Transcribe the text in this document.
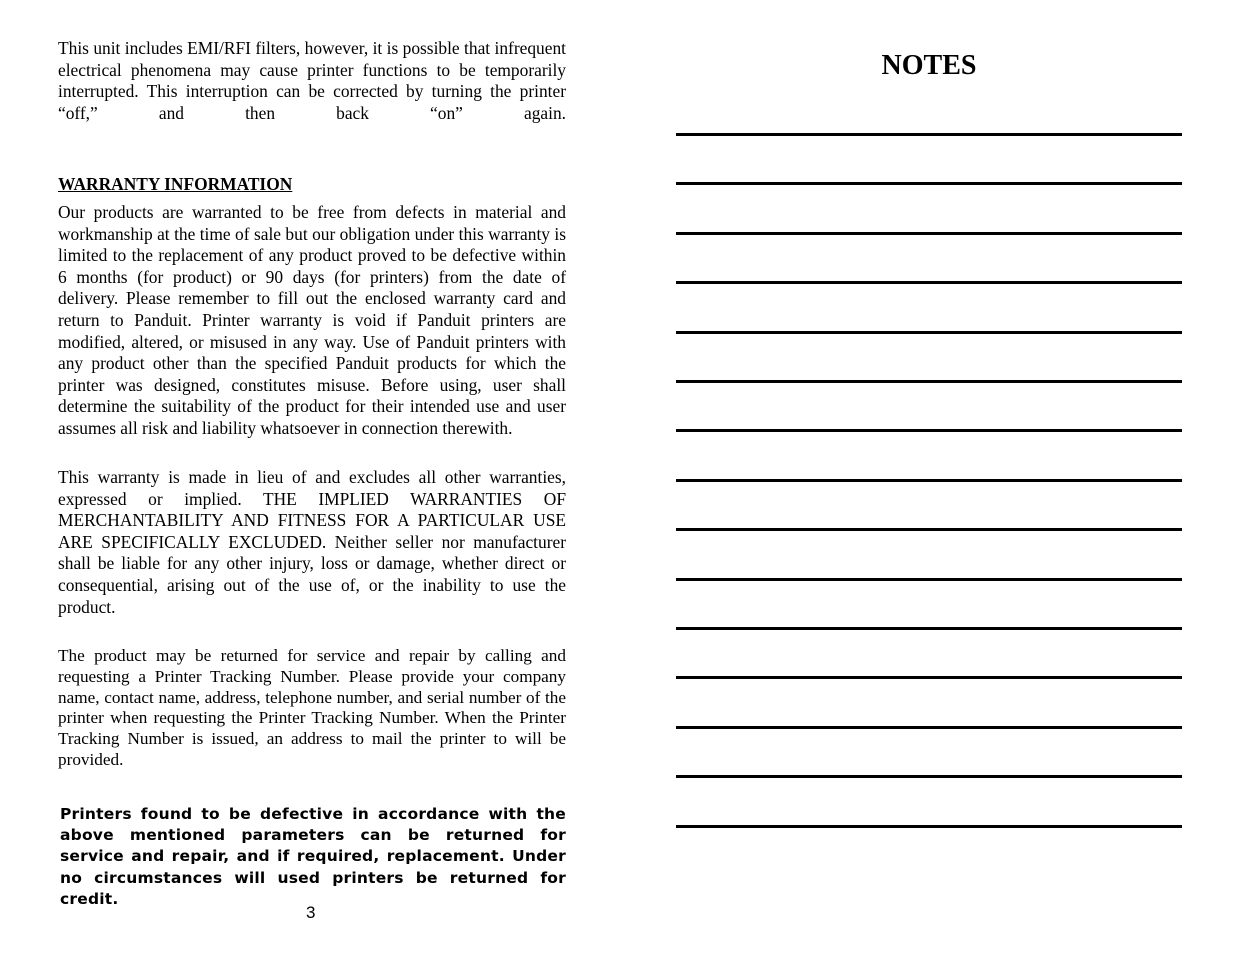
This unit includes EMI/RFI filters, however, it is possible that infrequent electrical phenomena may cause printer functions to be temporarily interrupted. This interruption can be corrected by turning the printer “off,” and then back “on” again.

WARRANTY INFORMATION

Our products are warranted to be free from defects in material and workmanship at the time of sale but our obligation under this warranty is limited to the replacement of any product proved to be defective within 6 months (for product) or 90 days (for printers) from the date of delivery. Please remember to fill out the enclosed warranty card and return to Panduit. Printer warranty is void if Panduit printers are modified, altered, or misused in any way. Use of Panduit printers with any product other than the specified Panduit products for which the printer was designed, constitutes misuse. Before using, user shall determine the suitability of the product for their intended use and user assumes all risk and liability whatsoever in connection therewith.

This warranty is made in lieu of and excludes all other warranties, expressed or implied. THE IMPLIED WARRANTIES OF MERCHANTABILITY AND FITNESS FOR A PARTICULAR USE ARE SPECIFICALLY EXCLUDED. Neither seller nor manufacturer shall be liable for any other injury, loss or damage, whether direct or consequential, arising out of the use of, or the inability to use the product.

The product may be returned for service and repair by calling and requesting a Printer Tracking Number. Please provide your company name, contact name, address, telephone number, and serial number of the printer when requesting the Printer Tracking Number. When the Printer Tracking Number is issued, an address to mail the printer to will be provided.

Printers found to be defective in accordance with the above mentioned parameters can be returned for service and repair, and if required, replacement. Under no circumstances will used printers be returned for credit.

3

NOTES
